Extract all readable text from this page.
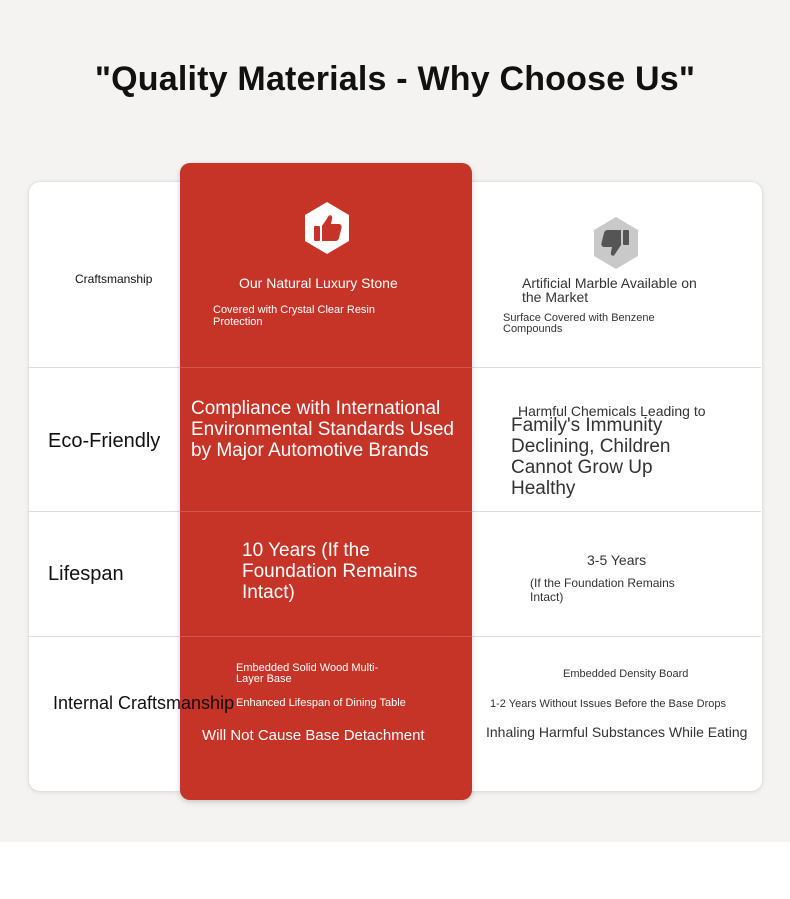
"Quality Materials - Why Choose Us"
Craftsmanship	Our Natural Luxury Stone
Covered with Crystal Clear Resin Protection
Artificial Marble Available on the Market
Surface Covered with Benzene Compounds
Eco-Friendly
Compliance with International Environmental Standards Used by Major Automotive Brands
Harmful Chemicals Leading to
Family's Immunity Declining, Children Cannot Grow Up Healthy
Lifespan
10 Years (If the Foundation Remains Intact)
3-5 Years
(If the Foundation Remains Intact)
Internal Craftsmanship
Embedded Solid Wood Multi-Layer Base
Enhanced Lifespan of Dining Table
Will Not Cause Base Detachment
Embedded Density Board
1-2 Years Without Issues Before the Base Drops
Inhaling Harmful Substances While Eating
